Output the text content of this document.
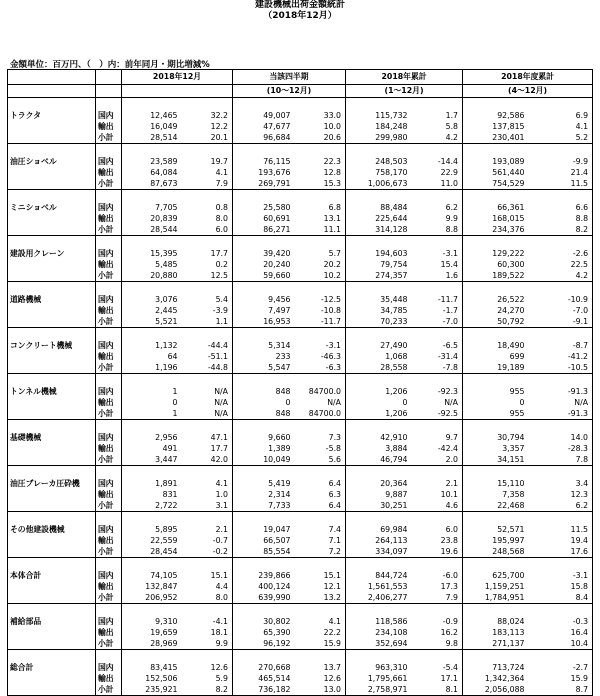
建設機械出荷金額統計
（2018年12月）
金額単位：百万円、（　）内：前年同月・期比増減%
		2018年12月		当該四半期		2018年累計		2018年度累計	
				(10～12月)		(1～12月)		(4～12月)	

トラクタ	国内	12,465	32.2	49,007	33.0	115,732	1.7	92,586	6.9
	輸出	16,049	12.2	47,677	10.0	184,248	5.8	137,815	4.1
	小計	28,514	20.1	96,684	20.6	299,980	4.2	230,401	5.2

油圧ショベル	国内	23,589	19.7	76,115	22.3	248,503	-14.4	193,089	-9.9
	輸出	64,084	4.1	193,676	12.8	758,170	22.9	561,440	21.4
	小計	87,673	7.9	269,791	15.3	1,006,673	11.0	754,529	11.5

ミニショベル	国内	7,705	0.8	25,580	6.8	88,484	6.2	66,361	6.6
	輸出	20,839	8.0	60,691	13.1	225,644	9.9	168,015	8.8
	小計	28,544	6.0	86,271	11.1	314,128	8.8	234,376	8.2

建設用クレーン	国内	15,395	17.7	39,420	5.7	194,603	-3.1	129,222	-2.6
	輸出	5,485	0.2	20,240	20.2	79,754	15.4	60,300	22.5
	小計	20,880	12.5	59,660	10.2	274,357	1.6	189,522	4.2

道路機械	国内	3,076	5.4	9,456	-12.5	35,448	-11.7	26,522	-10.9
	輸出	2,445	-3.9	7,497	-10.8	34,785	-1.7	24,270	-7.0
	小計	5,521	1.1	16,953	-11.7	70,233	-7.0	50,792	-9.1

コンクリート機械	国内	1,132	-44.4	5,314	-3.1	27,490	-6.5	18,490	-8.7
	輸出	64	-51.1	233	-46.3	1,068	-31.4	699	-41.2
	小計	1,196	-44.8	5,547	-6.3	28,558	-7.8	19,189	-10.5

トンネル機械	国内	1	N/A	848	84700.0	1,206	-92.3	955	-91.3
	輸出	0	N/A	0	N/A	0	N/A	0	N/A
	小計	1	N/A	848	84700.0	1,206	-92.5	955	-91.3

基礎機械	国内	2,956	47.1	9,660	7.3	42,910	9.7	30,794	14.0
	輸出	491	17.7	1,389	-5.8	3,884	-42.4	3,357	-28.3
	小計	3,447	42.0	10,049	5.6	46,794	2.0	34,151	7.8

油圧ブレーカ圧砕機	国内	1,891	4.1	5,419	6.4	20,364	2.1	15,110	3.4
	輸出	831	1.0	2,314	6.3	9,887	10.1	7,358	12.3
	小計	2,722	3.1	7,733	6.4	30,251	4.6	22,468	6.2

その他建設機械	国内	5,895	2.1	19,047	7.4	69,984	6.0	52,571	11.5
	輸出	22,559	-0.7	66,507	7.1	264,113	23.8	195,997	19.4
	小計	28,454	-0.2	85,554	7.2	334,097	19.6	248,568	17.6

本体合計	国内	74,105	15.1	239,866	15.1	844,724	-6.0	625,700	-3.1
	輸出	132,847	4.4	400,124	12.1	1,561,553	17.3	1,159,251	15.8
	小計	206,952	8.0	639,990	13.2	2,406,277	7.9	1,784,951	8.4

補給部品	国内	9,310	-4.1	30,802	4.1	118,586	-0.9	88,024	-0.3
	輸出	19,659	18.1	65,390	22.2	234,108	16.2	183,113	16.4
	小計	28,969	9.9	96,192	15.9	352,694	9.8	271,137	10.4

総合計	国内	83,415	12.6	270,668	13.7	963,310	-5.4	713,724	-2.7
	輸出	152,506	5.9	465,514	12.6	1,795,661	17.1	1,342,364	15.9
	小計	235,921	8.2	736,182	13.0	2,758,971	8.1	2,056,088	8.7
